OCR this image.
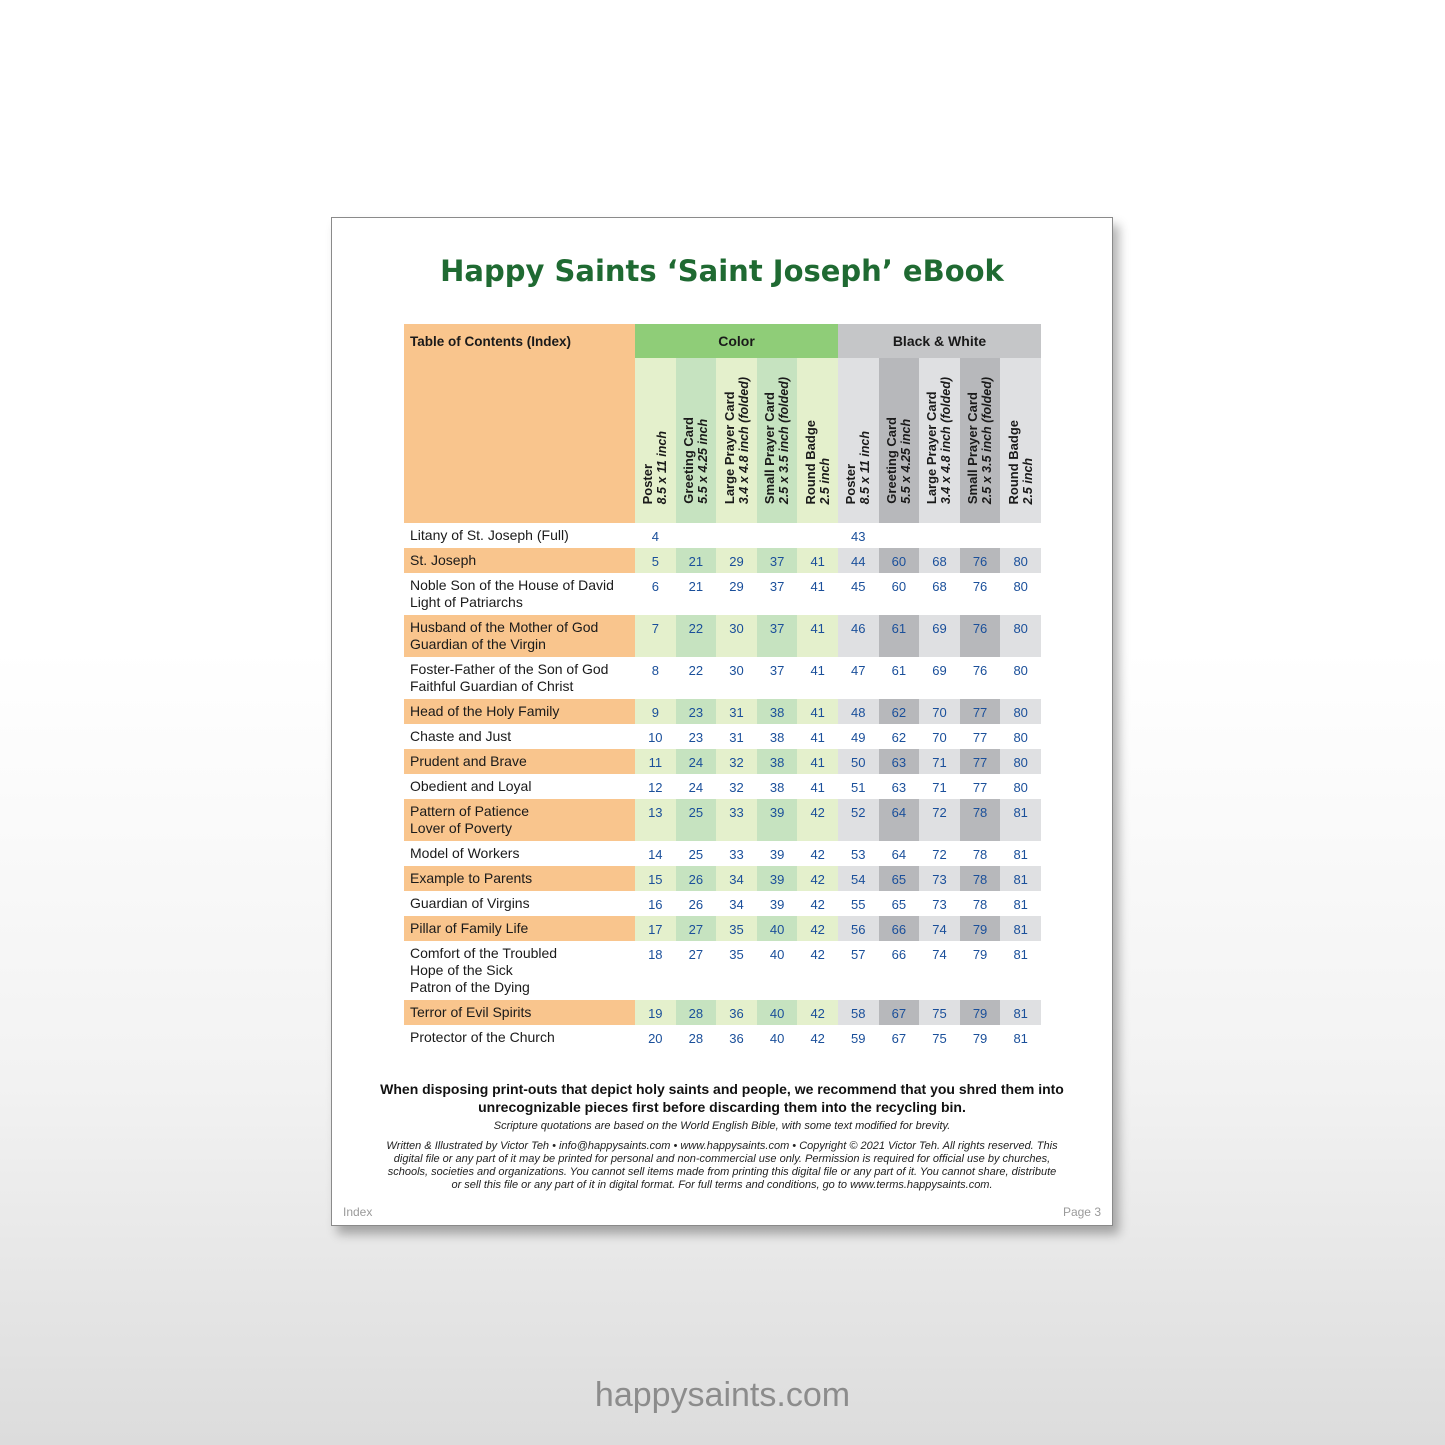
Happy Saints ‘Saint Joseph’ eBook
Table of Contents (Index)	Color					Black & White				

	Poster 8.5 x 11 inch	Greeting Card 5.5 x 4.25 inch	Large Prayer Card 3.4 x 4.8 inch (folded)	Small Prayer Card 2.5 x 3.5 inch (folded)	Round Badge 2.5 inch	Poster 8.5 x 11 inch	Greeting Card 5.5 x 4.25 inch	Large Prayer Card 3.4 x 4.8 inch (folded)	Small Prayer Card 2.5 x 3.5 inch (folded)	Round Badge 2.5 inch

Litany of St. Joseph (Full)	4					43				
St. Joseph	5	21	29	37	41	44	60	68	76	80
Noble Son of the House of David
Light of Patriarchs	6	21	29	37	41	45	60	68	76	80
Husband of the Mother of God
Guardian of the Virgin	7	22	30	37	41	46	61	69	76	80
Foster-Father of the Son of God
Faithful Guardian of Christ	8	22	30	37	41	47	61	69	76	80
Head of the Holy Family	9	23	31	38	41	48	62	70	77	80
Chaste and Just	10	23	31	38	41	49	62	70	77	80
Prudent and Brave	11	24	32	38	41	50	63	71	77	80
Obedient and Loyal	12	24	32	38	41	51	63	71	77	80
Pattern of Patience
Lover of Poverty	13	25	33	39	42	52	64	72	78	81
Model of Workers	14	25	33	39	42	53	64	72	78	81
Example to Parents	15	26	34	39	42	54	65	73	78	81
Guardian of Virgins	16	26	34	39	42	55	65	73	78	81
Pillar of Family Life	17	27	35	40	42	56	66	74	79	81
Comfort of the Troubled
Hope of the Sick
Patron of the Dying	18	27	35	40	42	57	66	74	79	81
Terror of Evil Spirits	19	28	36	40	42	58	67	75	79	81
Protector of the Church	20	28	36	40	42	59	67	75	79	81
When disposing print-outs that depict holy saints and people, we recommend that you shred them into unrecognizable pieces first before discarding them into the recycling bin.
Scripture quotations are based on the World English Bible, with some text modified for brevity.
Written & Illustrated by Victor Teh • info@happysaints.com • www.happysaints.com • Copyright © 2021 Victor Teh. All rights reserved. This digital file or any part of it may be printed for personal and non-commercial use only. Permission is required for official use by churches, schools, societies and organizations. You cannot sell items made from printing this digital file or any part of it. You cannot share, distribute or sell this file or any part of it in digital format. For full terms and conditions, go to www.terms.happysaints.com.
Index	Page 3
happysaints.com
